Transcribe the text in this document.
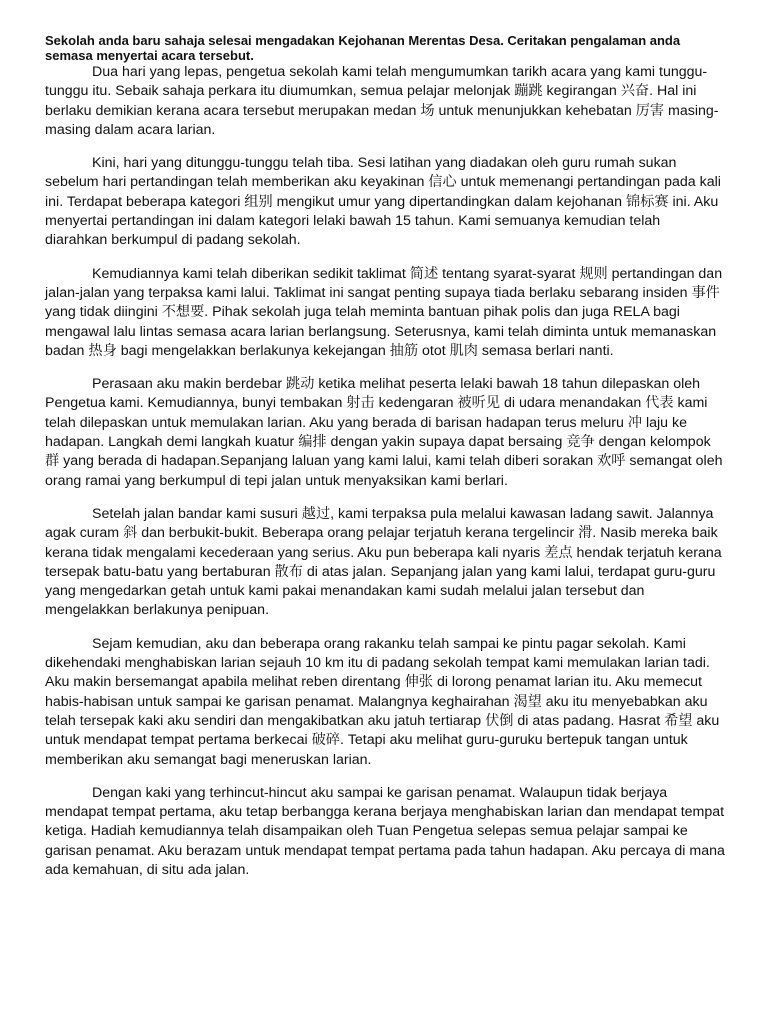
Sekolah anda baru sahaja selesai mengadakan Kejohanan Merentas Desa. Ceritakan pengalaman anda semasa menyertai acara tersebut.

Dua hari yang lepas, pengetua sekolah kami telah mengumumkan tarikh acara yang kami tunggu-tunggu itu. Sebaik sahaja perkara itu diumumkan, semua pelajar melonjak 蹦跳 kegirangan 兴奋. Hal ini berlaku demikian kerana acara tersebut merupakan medan 场 untuk menunjukkan kehebatan 厉害 masing-masing dalam acara larian.

Kini, hari yang ditunggu-tunggu telah tiba. Sesi latihan yang diadakan oleh guru rumah sukan sebelum hari pertandingan telah memberikan aku keyakinan 信心 untuk memenangi pertandingan pada kali ini. Terdapat beberapa kategori 组别 mengikut umur yang dipertandingkan dalam kejohanan 锦标赛 ini. Aku menyertai pertandingan ini dalam kategori lelaki bawah 15 tahun. Kami semuanya kemudian telah diarahkan berkumpul di padang sekolah.

Kemudiannya kami telah diberikan sedikit taklimat 简述 tentang syarat-syarat 规则 pertandingan dan jalan-jalan yang terpaksa kami lalui. Taklimat ini sangat penting supaya tiada berlaku sebarang insiden 事件 yang tidak diingini 不想要. Pihak sekolah juga telah meminta bantuan pihak polis dan juga RELA bagi mengawal lalu lintas semasa acara larian berlangsung. Seterusnya, kami telah diminta untuk memanaskan badan 热身 bagi mengelakkan berlakunya kekejangan 抽筋 otot 肌肉 semasa berlari nanti.

Perasaan aku makin berdebar 跳动 ketika melihat peserta lelaki bawah 18 tahun dilepaskan oleh Pengetua kami. Kemudiannya, bunyi tembakan 射击 kedengaran 被听见 di udara menandakan 代表 kami telah dilepaskan untuk memulakan larian. Aku yang berada di barisan hadapan terus meluru 冲 laju ke hadapan. Langkah demi langkah kuatur 编排 dengan yakin supaya dapat bersaing 竞争 dengan kelompok 群 yang berada di hadapan.Sepanjang laluan yang kami lalui, kami telah diberi sorakan 欢呼 semangat oleh orang ramai yang berkumpul di tepi jalan untuk menyaksikan kami berlari.

Setelah jalan bandar kami susuri 越过, kami terpaksa pula melalui kawasan ladang sawit. Jalannya agak curam 斜 dan berbukit-bukit. Beberapa orang pelajar terjatuh kerana tergelincir 滑. Nasib mereka baik kerana tidak mengalami kecederaan yang serius. Aku pun beberapa kali nyaris 差点 hendak terjatuh kerana tersepak batu-batu yang bertaburan 散布 di atas jalan. Sepanjang jalan yang kami lalui, terdapat guru-guru yang mengedarkan getah untuk kami pakai menandakan kami sudah melalui jalan tersebut dan mengelakkan berlakunya penipuan.

Sejam kemudian, aku dan beberapa orang rakanku telah sampai ke pintu pagar sekolah. Kami dikehendaki menghabiskan larian sejauh 10 km itu di padang sekolah tempat kami memulakan larian tadi. Aku makin bersemangat apabila melihat reben direntang 伸张 di lorong penamat larian itu. Aku memecut habis-habisan untuk sampai ke garisan penamat. Malangnya keghairahan 渴望 aku itu menyebabkan aku telah tersepak kaki aku sendiri dan mengakibatkan aku jatuh tertiarap 伏倒 di atas padang. Hasrat 希望 aku untuk mendapat tempat pertama berkecai 破碎. Tetapi aku melihat guru-guruku bertepuk tangan untuk memberikan aku semangat bagi meneruskan larian.

Dengan kaki yang terhincut-hincut aku sampai ke garisan penamat. Walaupun tidak berjaya mendapat tempat pertama, aku tetap berbangga kerana berjaya menghabiskan larian dan mendapat tempat ketiga. Hadiah kemudiannya telah disampaikan oleh Tuan Pengetua selepas semua pelajar sampai ke garisan penamat. Aku berazam untuk mendapat tempat pertama pada tahun hadapan. Aku percaya di mana ada kemahuan, di situ ada jalan.
